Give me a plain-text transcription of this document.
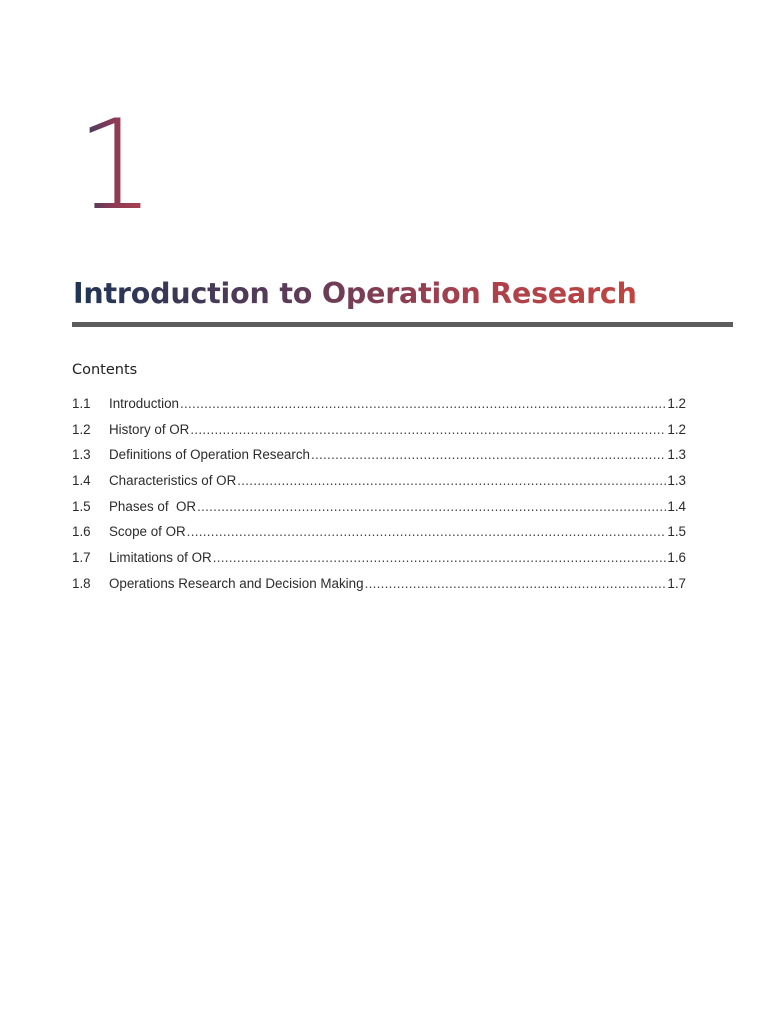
1
Introduction to Operation Research
Contents
1.1	Introduction .....	1.2
1.2	History of OR .....	1.2
1.3	Definitions of Operation Research .....	1.3
1.4	Characteristics of OR .....	1.3
1.5	Phases of  OR .....	1.4
1.6	Scope of OR .....	1.5
1.7	Limitations of OR .....	1.6
1.8	Operations Research and Decision Making .....	1.7
